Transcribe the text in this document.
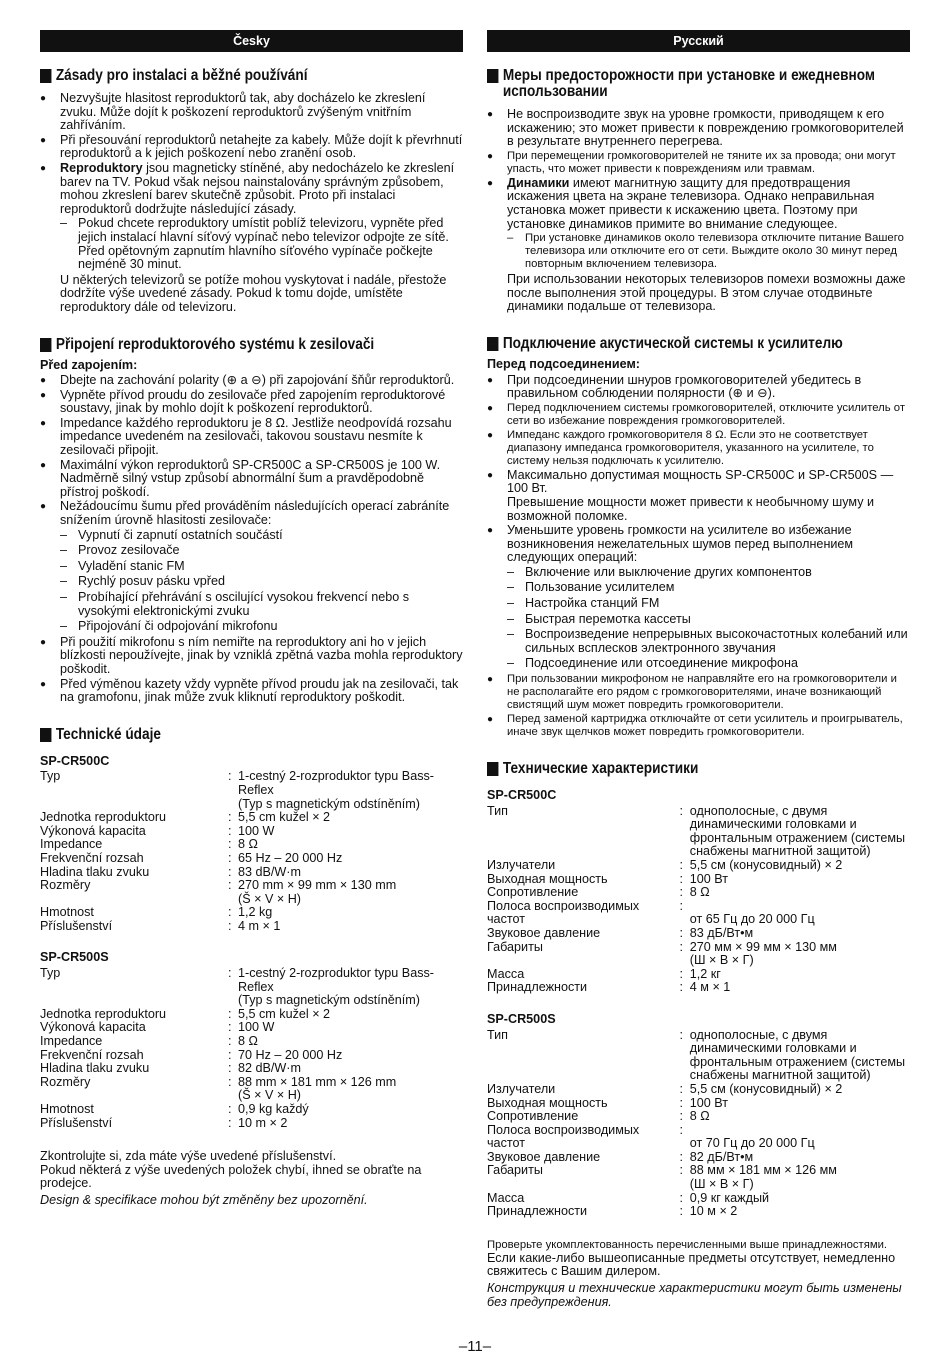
Česky
Zásady pro instalaci a běžné používání
● Nezvyšujte hlasitost reproduktorů tak, aby docházelo ke zkreslení zvuku. Může dojít k poškození reproduktorů zvýšeným vnitřním zahříváním.
● Při přesouvání reproduktorů netahejte za kabely. Může dojít k převrhnutí reproduktorů a k jejich poškození nebo zranění osob.
● Reproduktory jsou magneticky stíněné, aby nedocházelo ke zkreslení barev na TV. Pokud však nejsou nainstalovány správným způsobem, mohou zkreslení barev skutečně způsobit. Proto při instalaci reproduktorů dodržujte následující zásady.
– Pokud chcete reproduktory umístit poblíž televizoru, vypněte před jejich instalací hlavní síťový vypínač nebo televizor odpojte ze sítě. Před opětovným zapnutím hlavního síťového vypínače počkejte nejméně 30 minut.
U některých televizorů se potíže mohou vyskytovat i nadále, přestože dodržíte výše uvedené zásady. Pokud k tomu dojde, umístěte reproduktory dále od televizoru.
Připojení reproduktorového systému k zesilovači
Před zapojením:
● Dbejte na zachování polarity (⊕ a ⊖) při zapojování šňůr reproduktorů.
● Vypněte přívod proudu do zesilovače před zapojením reproduktorové soustavy, jinak by mohlo dojít k poškození reproduktorů.
● Impedance každého reproduktoru je 8 Ω. Jestliže neodpovídá rozsahu impedance uvedeném na zesilovači, takovou soustavu nesmíte k zesilovači připojit.
● Maximální výkon reproduktorů SP-CR500C a SP-CR500S je 100 W. Nadměrně silný vstup způsobí abnormální šum a pravděpodobně přístroj poškodí.
● Nežádoucímu šumu před prováděním následujících operací zabráníte snížením úrovně hlasitosti zesilovače:
– Vypnutí či zapnutí ostatních součástí
– Provoz zesilovače
– Vyladění stanic FM
– Rychlý posuv pásku vpřed
– Probíhající přehrávání s oscilující vysokou frekvencí nebo s vysokými elektronickými zvuku
– Připojování či odpojování mikrofonu
● Při použití mikrofonu s ním nemiřte na reproduktory ani ho v jejich blízkosti nepoužívejte, jinak by vzniklá zpětná vazba mohla reproduktory poškodit.
● Před výměnou kazety vždy vypněte přívod proudu jak na zesilovači, tak na gramofonu, jinak může zvuk kliknutí reproduktory poškodit.
Technické údaje
SP-CR500C
Typ	:	1-cestný 2-rozproduktor typu Bass-Reflex
(Typ s magnetickým odstíněním)
Jednotka reproduktoru	:	5,5 cm kužel × 2
Výkonová kapacita	:	100 W
Impedance	:	8 Ω
Frekvenční rozsah	:	65 Hz – 20 000 Hz
Hladina tlaku zvuku	:	83 dB/W·m
Rozměry	:	270 mm × 99 mm × 130 mm
(Š × V × H)
Hmotnost	:	1,2 kg
Příslušenství	:	4 m × 1
SP-CR500S
Typ	:	1-cestný 2-rozproduktor typu Bass-Reflex
(Typ s magnetickým odstíněním)
Jednotka reproduktoru	:	5,5 cm kužel × 2
Výkonová kapacita	:	100 W
Impedance	:	8 Ω
Frekvenční rozsah	:	70 Hz – 20 000 Hz
Hladina tlaku zvuku	:	82 dB/W·m
Rozměry	:	88 mm × 181 mm × 126 mm
(Š × V × H)
Hmotnost	:	0,9 kg každý
Příslušenství	:	10 m × 2
Zkontrolujte si, zda máte výše uvedené příslušenství.
Pokud některá z výše uvedených položek chybí, ihned se obraťte na prodejce.
Design & specifikace mohou být změněny bez upozornění.
Русский
Меры предосторожности при установке и ежедневном использовании
● Не воспроизводите звук на уровне громкости, приводящем к его искажению; это может привести к повреждению громкоговорителей в результате внутреннего перегрева.
● При перемещении громкоговорителей не тяните их за провода; они могут упасть, что может привести к повреждениям или травмам.
● Динамики имеют магнитную защиту для предотвращения искажения цвета на экране телевизора. Однако неправильная установка может привести к искажению цвета. Поэтому при установке динамиков примите во внимание следующее.
– При установке динамиков около телевизора отключите питание Вашего телевизора или отключите его от сети. Выждите около 30 минут перед повторным включением телевизора.
При использовании некоторых телевизоров помехи возможны даже после выполнения этой процедуры. В этом случае отодвиньте динамики подальше от телевизора.
Подключение акустической системы к усилителю
Перед подсоединением:
● При подсоединении шнуров громкоговорителей убедитесь в правильном соблюдении полярности (⊕ и ⊖).
● Перед подключением системы громкоговорителей, отключите усилитель от сети во избежание повреждения громкоговорителей.
● Импеданс каждого громкоговорителя 8 Ω. Если это не соответствует диапазону импеданса громкоговорителя, указанного на усилителе, то систему нельзя подключать к усилителю.
● Максимально допустимая мощность SP-CR500C и SP-CR500S — 100 Вт.
Превышение мощности может привести к необычному шуму и возможной поломке.
● Уменьшите уровень громкости на усилителе во избежание возникновения нежелательных шумов перед выполнением следующих операций:
– Включение или выключение других компонентов
– Пользование усилителем
– Настройка станций FM
– Быстрая перемотка кассеты
– Воспроизведение непрерывных высокочастотных колебаний или сильных всплесков электронного звучания
– Подсоединение или отсоединение микрофона
● При пользовании микрофоном не направляйте его на громкоговорители и не располагайте его рядом с громкоговорителями, иначе возникающий свистящий шум может повредить громкоговорители.
● Перед заменой картриджа отключайте от сети усилитель и проигрыватель, иначе звук щелчков может повредить громкоговорители.
Технические характеристики
SP-CR500C
Тип	:	однополосные, с двумя динамическими головками и фронтальным отражением (системы снабжены магнитной защитой)
Излучатели	:	5,5 см (конусовидный) × 2
Выходная мощность	:	100 Вт
Сопротивление	:	8 Ω
Полоса воспроизводимых
частот	:	
от 65 Гц до 20 000 Гц
Звуковое давление	:	83 дБ/Вт•м
Габариты	:	270 мм × 99 мм × 130 мм
(Ш × В × Г)
Масса	:	1,2 кг
Принадлежности	:	4 м × 1
SP-CR500S
Тип	:	однополосные, с двумя динамическими головками и фронтальным отражением (системы снабжены магнитной защитой)
Излучатели	:	5,5 см (конусовидный) × 2
Выходная мощность	:	100 Вт
Сопротивление	:	8 Ω
Полоса воспроизводимых
частот	:	
от 70 Гц до 20 000 Гц
Звуковое давление	:	82 дБ/Вт•м
Габариты	:	88 мм × 181 мм × 126 мм
(Ш × В × Г)
Масса	:	0,9 кг каждый
Принадлежности	:	10 м × 2
Проверьте укомплектованность перечисленными выше принадлежностями.
Если какие-либо вышеописанные предметы отсутствует, немедленно свяжитесь с Вашим дилером.
Конструкция и технические характеристики могут быть изменены без предупреждения.
–11–
